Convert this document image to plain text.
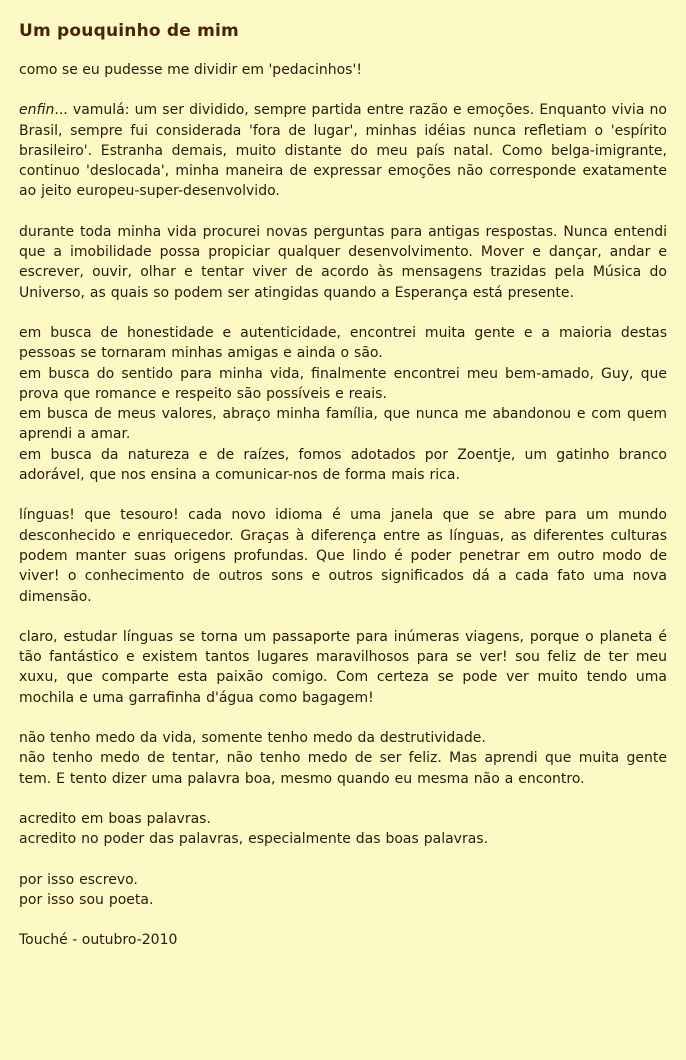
Um pouquinho de mim

como se eu pudesse me dividir em 'pedacinhos'!

enfin... vamulá: um ser dividido, sempre partida entre razão e emoções. Enquanto vivia no Brasil, sempre fui considerada 'fora de lugar', minhas idéias nunca refletiam o 'espírito brasileiro'. Estranha demais, muito distante do meu país natal. Como belga-imigrante, continuo 'deslocada', minha maneira de expressar emoções não corresponde exatamente ao jeito europeu-super-desenvolvido.

durante toda minha vida procurei novas perguntas para antigas respostas. Nunca entendi que a imobilidade possa propiciar qualquer desenvolvimento. Mover e dançar, andar e escrever, ouvir, olhar e tentar viver de acordo às mensagens trazidas pela Música do Universo, as quais so podem ser atingidas quando a Esperança está presente.

em busca de honestidade e autenticidade, encontrei muita gente e a maioria destas pessoas se tornaram minhas amigas e ainda o são.
em busca do sentido para minha vida, finalmente encontrei meu bem-amado, Guy, que prova que romance e respeito são possíveis e reais.
em busca de meus valores, abraço minha família, que nunca me abandonou e com quem aprendi a amar.
em busca da natureza e de raízes, fomos adotados por Zoentje, um gatinho branco adorável, que nos ensina a comunicar-nos de forma mais rica.

línguas! que tesouro! cada novo idioma é uma janela que se abre para um mundo desconhecido e enriquecedor. Graças à diferença entre as línguas, as diferentes culturas podem manter suas origens profundas. Que lindo é poder penetrar em outro modo de viver! o conhecimento de outros sons e outros significados dá a cada fato uma nova dimensão.

claro, estudar línguas se torna um passaporte para inúmeras viagens, porque o planeta é tão fantástico e existem tantos lugares maravilhosos para se ver! sou feliz de ter meu xuxu, que comparte esta paixão comigo. Com certeza se pode ver muito tendo uma mochila e uma garrafinha d'água como bagagem!

não tenho medo da vida, somente tenho medo da destrutividade.
não tenho medo de tentar, não tenho medo de ser feliz. Mas aprendi que muita gente tem. E tento dizer uma palavra boa, mesmo quando eu mesma não a encontro.

acredito em boas palavras.
acredito no poder das palavras, especialmente das boas palavras.

por isso escrevo.
por isso sou poeta.

Touché - outubro-2010
